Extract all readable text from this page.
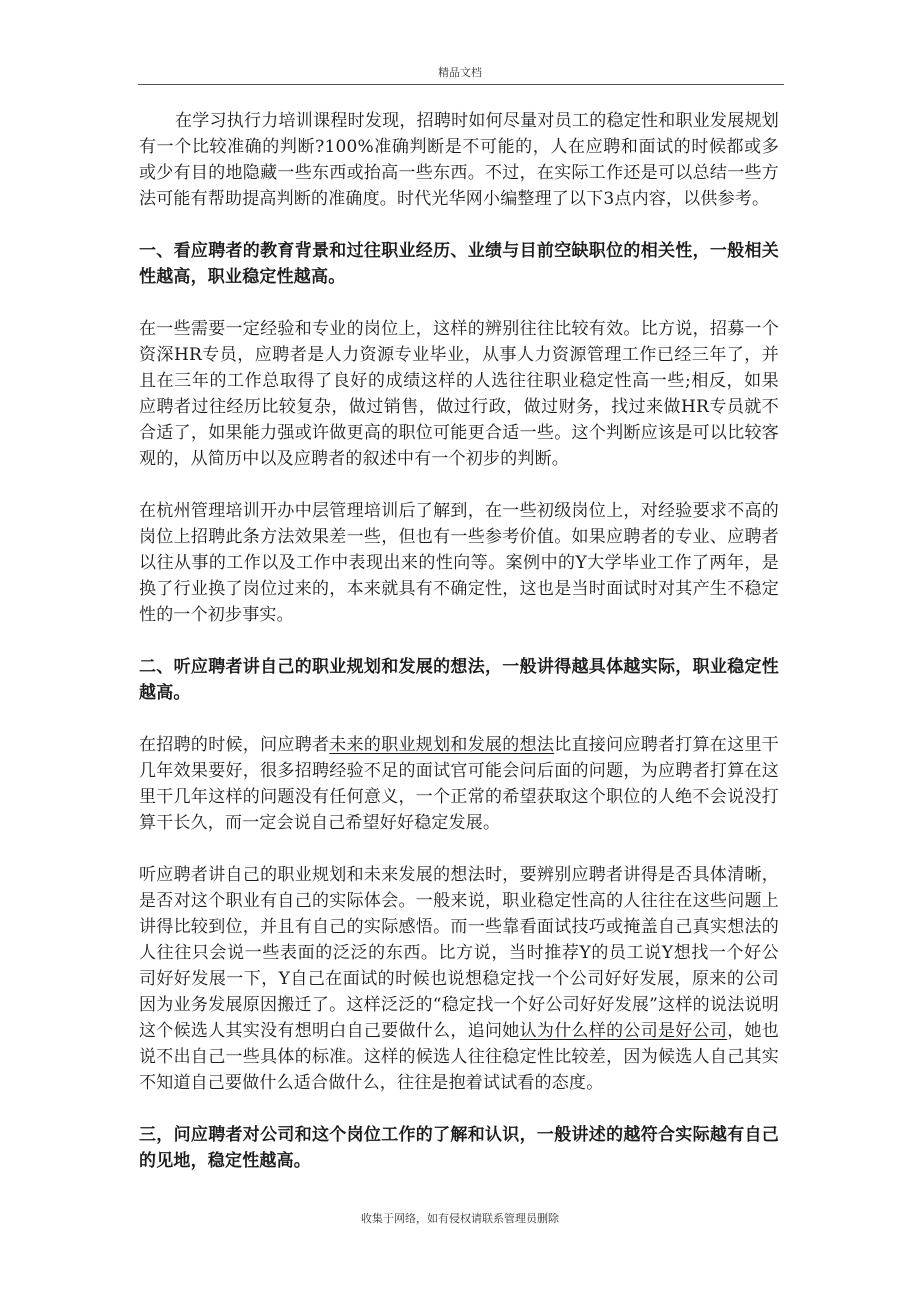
精品文档

在学习执行力培训课程时发现，招聘时如何尽量对员工的稳定性和职业发展规划有一个比较准确的判断?100%准确判断是不可能的，人在应聘和面试的时候都或多或少有目的地隐藏一些东西或抬高一些东西。不过，在实际工作还是可以总结一些方法可能有帮助提高判断的准确度。时代光华网小编整理了以下3点内容，以供参考。

一、看应聘者的教育背景和过往职业经历、业绩与目前空缺职位的相关性，一般相关性越高，职业稳定性越高。

在一些需要一定经验和专业的岗位上，这样的辨别往往比较有效。比方说，招募一个资深HR专员，应聘者是人力资源专业毕业，从事人力资源管理工作已经三年了，并且在三年的工作总取得了良好的成绩这样的人选往往职业稳定性高一些;相反，如果应聘者过往经历比较复杂，做过销售，做过行政，做过财务，找过来做HR专员就不合适了，如果能力强或许做更高的职位可能更合适一些。这个判断应该是可以比较客观的，从简历中以及应聘者的叙述中有一个初步的判断。

在杭州管理培训开办中层管理培训后了解到，在一些初级岗位上，对经验要求不高的岗位上招聘此条方法效果差一些，但也有一些参考价值。如果应聘者的专业、应聘者以往从事的工作以及工作中表现出来的性向等。案例中的Y大学毕业工作了两年，是换了行业换了岗位过来的，本来就具有不确定性，这也是当时面试时对其产生不稳定性的一个初步事实。

二、听应聘者讲自己的职业规划和发展的想法，一般讲得越具体越实际，职业稳定性越高。

在招聘的时候，问应聘者未来的职业规划和发展的想法比直接问应聘者打算在这里干几年效果要好，很多招聘经验不足的面试官可能会问后面的问题，为应聘者打算在这里干几年这样的问题没有任何意义，一个正常的希望获取这个职位的人绝不会说没打算干长久，而一定会说自己希望好好稳定发展。

听应聘者讲自己的职业规划和未来发展的想法时，要辨别应聘者讲得是否具体清晰，是否对这个职业有自己的实际体会。一般来说，职业稳定性高的人往往在这些问题上讲得比较到位，并且有自己的实际感悟。而一些靠看面试技巧或掩盖自己真实想法的人往往只会说一些表面的泛泛的东西。比方说，当时推荐Y的员工说Y想找一个好公司好好发展一下，Y自己在面试的时候也说想稳定找一个公司好好发展，原来的公司因为业务发展原因搬迁了。这样泛泛的“稳定找一个好公司好好发展”这样的说法说明这个候选人其实没有想明白自己要做什么，追问她认为什么样的公司是好公司，她也说不出自己一些具体的标准。这样的候选人往往稳定性比较差，因为候选人自己其实不知道自己要做什么适合做什么，往往是抱着试试看的态度。

三，问应聘者对公司和这个岗位工作的了解和认识，一般讲述的越符合实际越有自己的见地，稳定性越高。

收集于网络，如有侵权请联系管理员删除
